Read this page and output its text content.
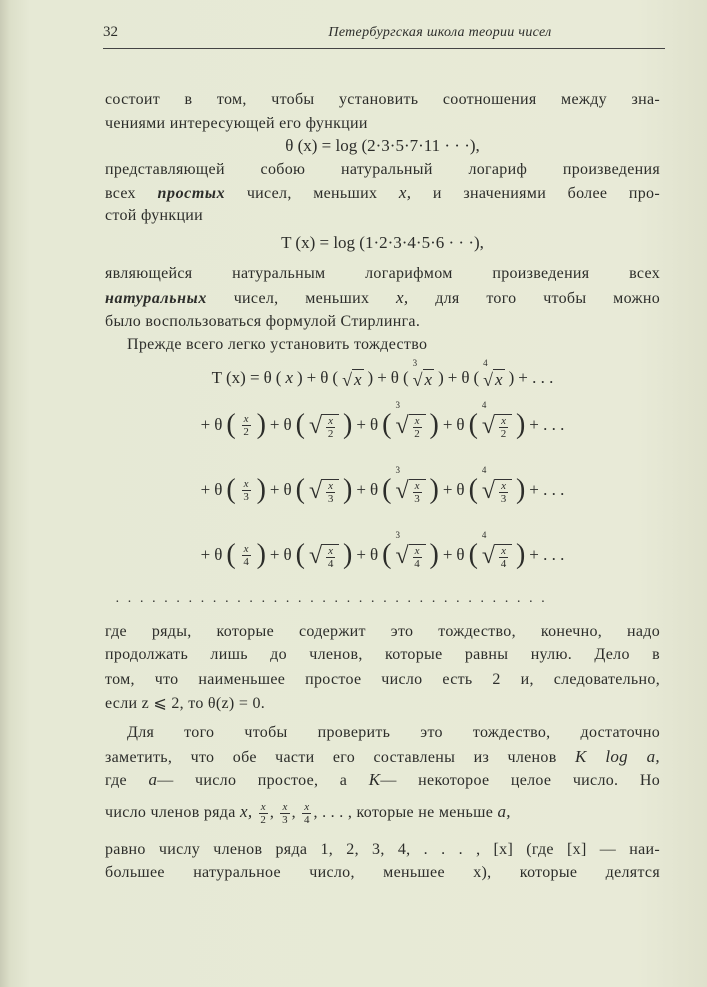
32	Петербургская школа теории чисел
состоит в том, чтобы установить соотношения между зна-
чениями интересующей его функции
θ (x) = log (2·3·5·7·11 · · ·),
представляющей собою натуральный логариф произведения
всех простых чисел, меньших x, и значениями более про-
стой функции
T (x) = log (1·2·3·4·5·6 · · ·),
являющейся натуральным логарифмом произведения всех
натуральных чисел, меньших x, для того чтобы можно
было воспользоваться формулой Стирлинга.
Прежде всего легко установить тождество
T (x) = θ ( x ) + θ ( √ x ) + θ (
3
√ x ) + θ (
4
√ x ) + . . .
+ θ ( $\frac{x}{2}$ ) + θ ( √ $\frac{x}{2}$ ) + θ (
3
√ $\frac{x}{2}$ ) + θ (
4
√ $\frac{x}{2}$ ) + . . .
+ θ ( $\frac{x}{3}$ ) + θ ( √ $\frac{x}{3}$ ) + θ (
3
√ $\frac{x}{3}$ ) + θ (
4
√ $\frac{x}{3}$ ) + . . .
+ θ ( $\frac{x}{4}$ ) + θ ( √ $\frac{x}{4}$ ) + θ (
3
√ $\frac{x}{4}$ ) + θ (
4
√ $\frac{x}{4}$ ) + . . .
· · · · · · · · · · · · · · · · · · · · · · · · · · · · · · · · · · · ·
где ряды, которые содержит это тождество, конечно, надо
продолжать лишь до членов, которые равны нулю. Дело в
том, что наименьшее простое число есть 2 и, следовательно,
если z ⩽ 2, то θ(z) = 0.
Для того чтобы проверить это тождество, достаточно
заметить, что обе части его составлены из членов K log a,
где a— число простое, а K— некоторое целое число. Но
число членов ряда x, $\frac{x}{2}$ , $\frac{x}{3}$ , $\frac{x}{4}$ , . . . , которые не меньше a,
равно числу членов ряда 1, 2, 3, 4, . . . , [x] (где [x] — наи-
большее натуральное число, меньшее x), которые делятся
